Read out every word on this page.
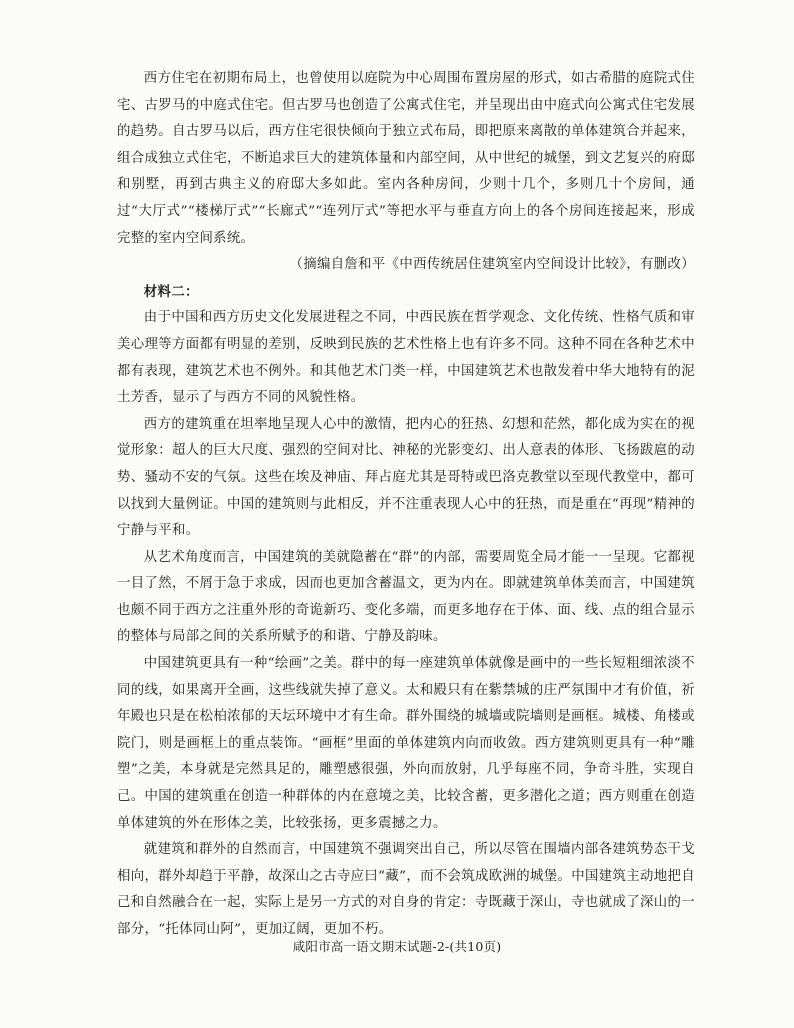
西方住宅在初期布局上，也曾使用以庭院为中心周围布置房屋的形式，如古希腊的庭院式住宅、古罗马的中庭式住宅。但古罗马也创造了公寓式住宅，并呈现出由中庭式向公寓式住宅发展的趋势。自古罗马以后，西方住宅很快倾向于独立式布局，即把原来离散的单体建筑合并起来，组合成独立式住宅，不断追求巨大的建筑体量和内部空间，从中世纪的城堡，到文艺复兴的府邸和别墅，再到古典主义的府邸大多如此。室内各种房间，少则十几个，多则几十个房间，通过“大厅式”“楼梯厅式”“长廊式”“连列厅式”等把水平与垂直方向上的各个房间连接起来，形成完整的室内空间系统。

（摘编自詹和平《中西传统居住建筑室内空间设计比较》，有删改）

材料二：

由于中国和西方历史文化发展进程之不同，中西民族在哲学观念、文化传统、性格气质和审美心理等方面都有明显的差别，反映到民族的艺术性格上也有许多不同。这种不同在各种艺术中都有表现，建筑艺术也不例外。和其他艺术门类一样，中国建筑艺术也散发着中华大地特有的泥土芳香，显示了与西方不同的风貌性格。

西方的建筑重在坦率地呈现人心中的激情，把内心的狂热、幻想和茫然，都化成为实在的视觉形象：超人的巨大尺度、强烈的空间对比、神秘的光影变幻、出人意表的体形、飞扬跋扈的动势、骚动不安的气氛。这些在埃及神庙、拜占庭尤其是哥特或巴洛克教堂以至现代教堂中，都可以找到大量例证。中国的建筑则与此相反，并不注重表现人心中的狂热，而是重在“再现”精神的宁静与平和。

从艺术角度而言，中国建筑的美就隐蓄在“群”的内部，需要周览全局才能一一呈现。它都视一目了然，不屑于急于求成，因而也更加含蓄温文，更为内在。即就建筑单体美而言，中国建筑也颇不同于西方之注重外形的奇诡新巧、变化多端，而更多地存在于体、面、线、点的组合显示的整体与局部之间的关系所赋予的和谐、宁静及韵味。

中国建筑更具有一种“绘画”之美。群中的每一座建筑单体就像是画中的一些长短粗细浓淡不同的线，如果离开全画，这些线就失掉了意义。太和殿只有在紫禁城的庄严氛围中才有价值，祈年殿也只是在松柏浓郁的天坛环境中才有生命。群外围绕的城墙或院墙则是画框。城楼、角楼或院门，则是画框上的重点装饰。“画框”里面的单体建筑内向而收敛。西方建筑则更具有一种“雕塑”之美，本身就是完然具足的，雕塑感很强，外向而放射，几乎每座不同，争奇斗胜，实现自己。中国的建筑重在创造一种群体的内在意境之美，比较含蓄，更多潜化之道；西方则重在创造单体建筑的外在形体之美，比较张扬，更多震撼之力。

就建筑和群外的自然而言，中国建筑不强调突出自己，所以尽管在围墙内部各建筑势态干戈相向，群外却趋于平静，故深山之古寺应曰“藏”，而不会筑成欧洲的城堡。中国建筑主动地把自己和自然融合在一起，实际上是另一方式的对自身的肯定：寺既藏于深山，寺也就成了深山的一部分，“托体同山阿”，更加辽阔，更加不朽。

咸阳市高一语文期末试题-2-(共10页)
